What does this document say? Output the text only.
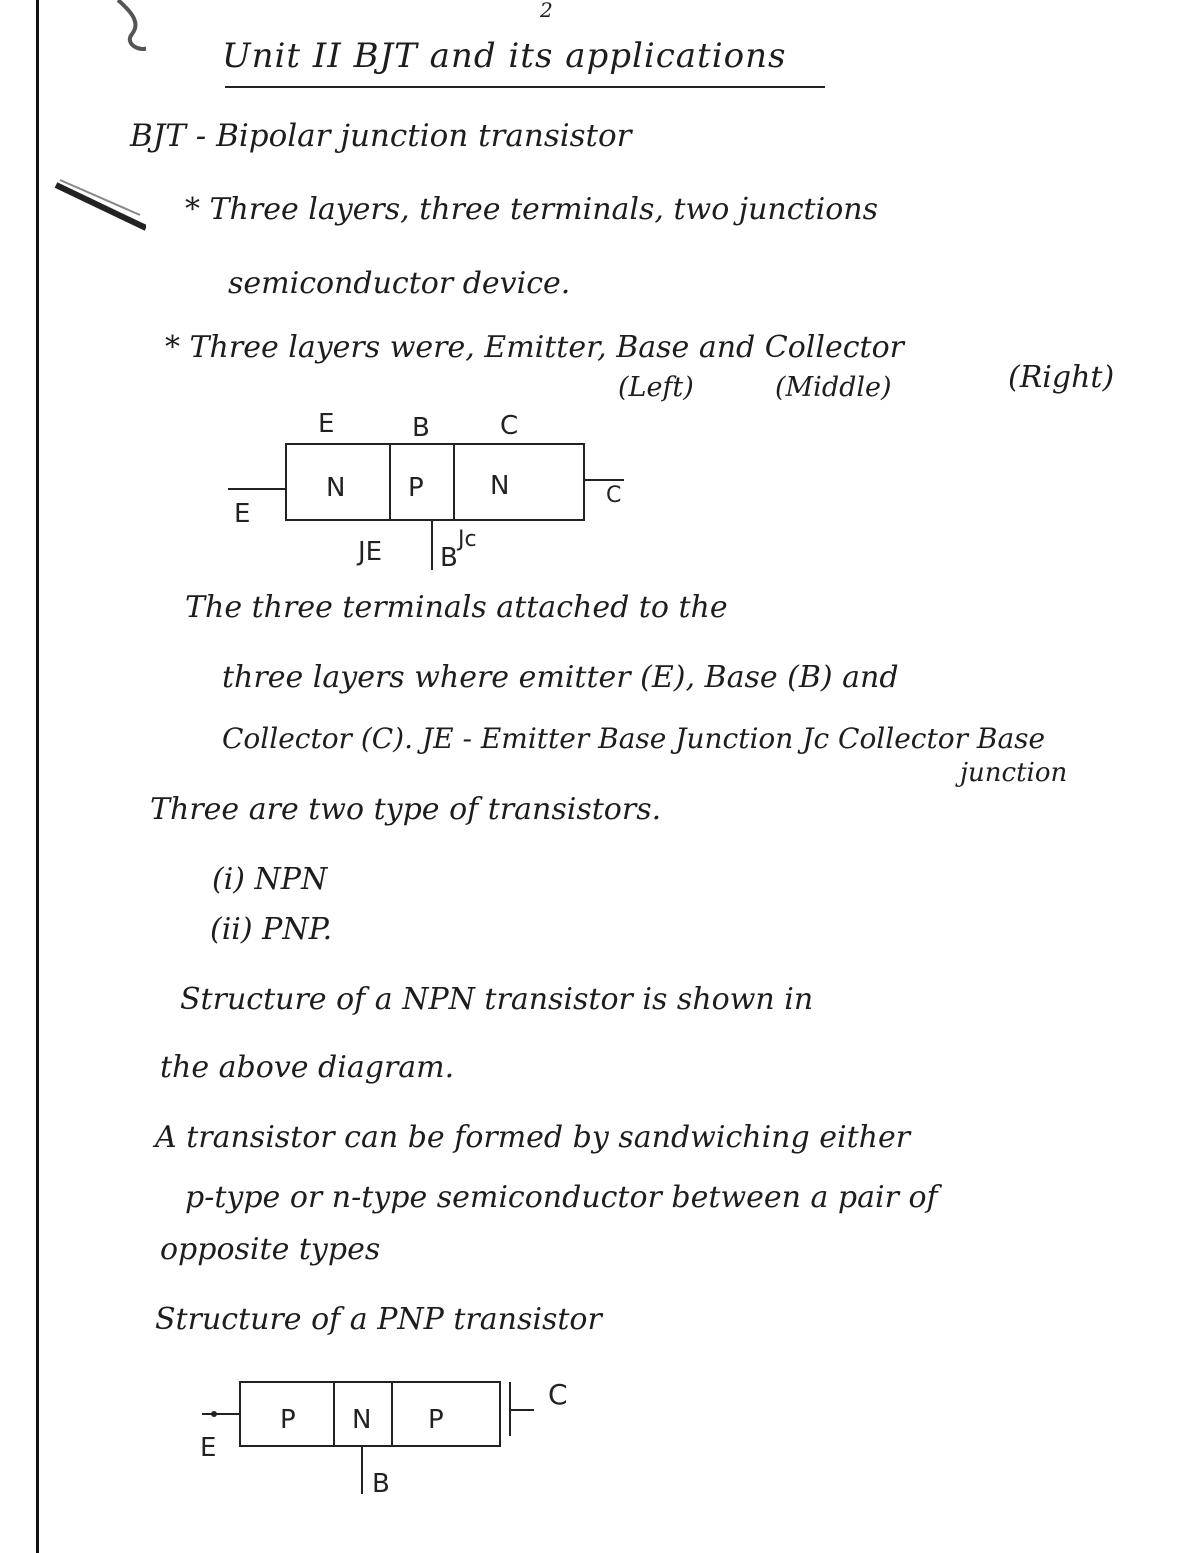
2
Unit II BJT and its applications
BJT - Bipolar junction transistor
* Three layers, three terminals, two junctions
semiconductor device.
* Three layers were, Emitter, Base and Collector
(Left)	(Middle)	(Right)
E	B	C
N P	N
E
C
JE B
Jc
The three terminals attached to the
three layers where emitter (E), Base (B) and
Collector (C). JE - Emitter Base Junction Jc Collector Base
junction
Three are two type of transistors.
(i) NPN
(ii) PNP.
Structure of a NPN transistor is shown in
the above diagram.
A transistor can be formed by sandwiching either
p-type or n-type semiconductor between a pair of
opposite types
Structure of a PNP transistor
P N P
E
C
B
